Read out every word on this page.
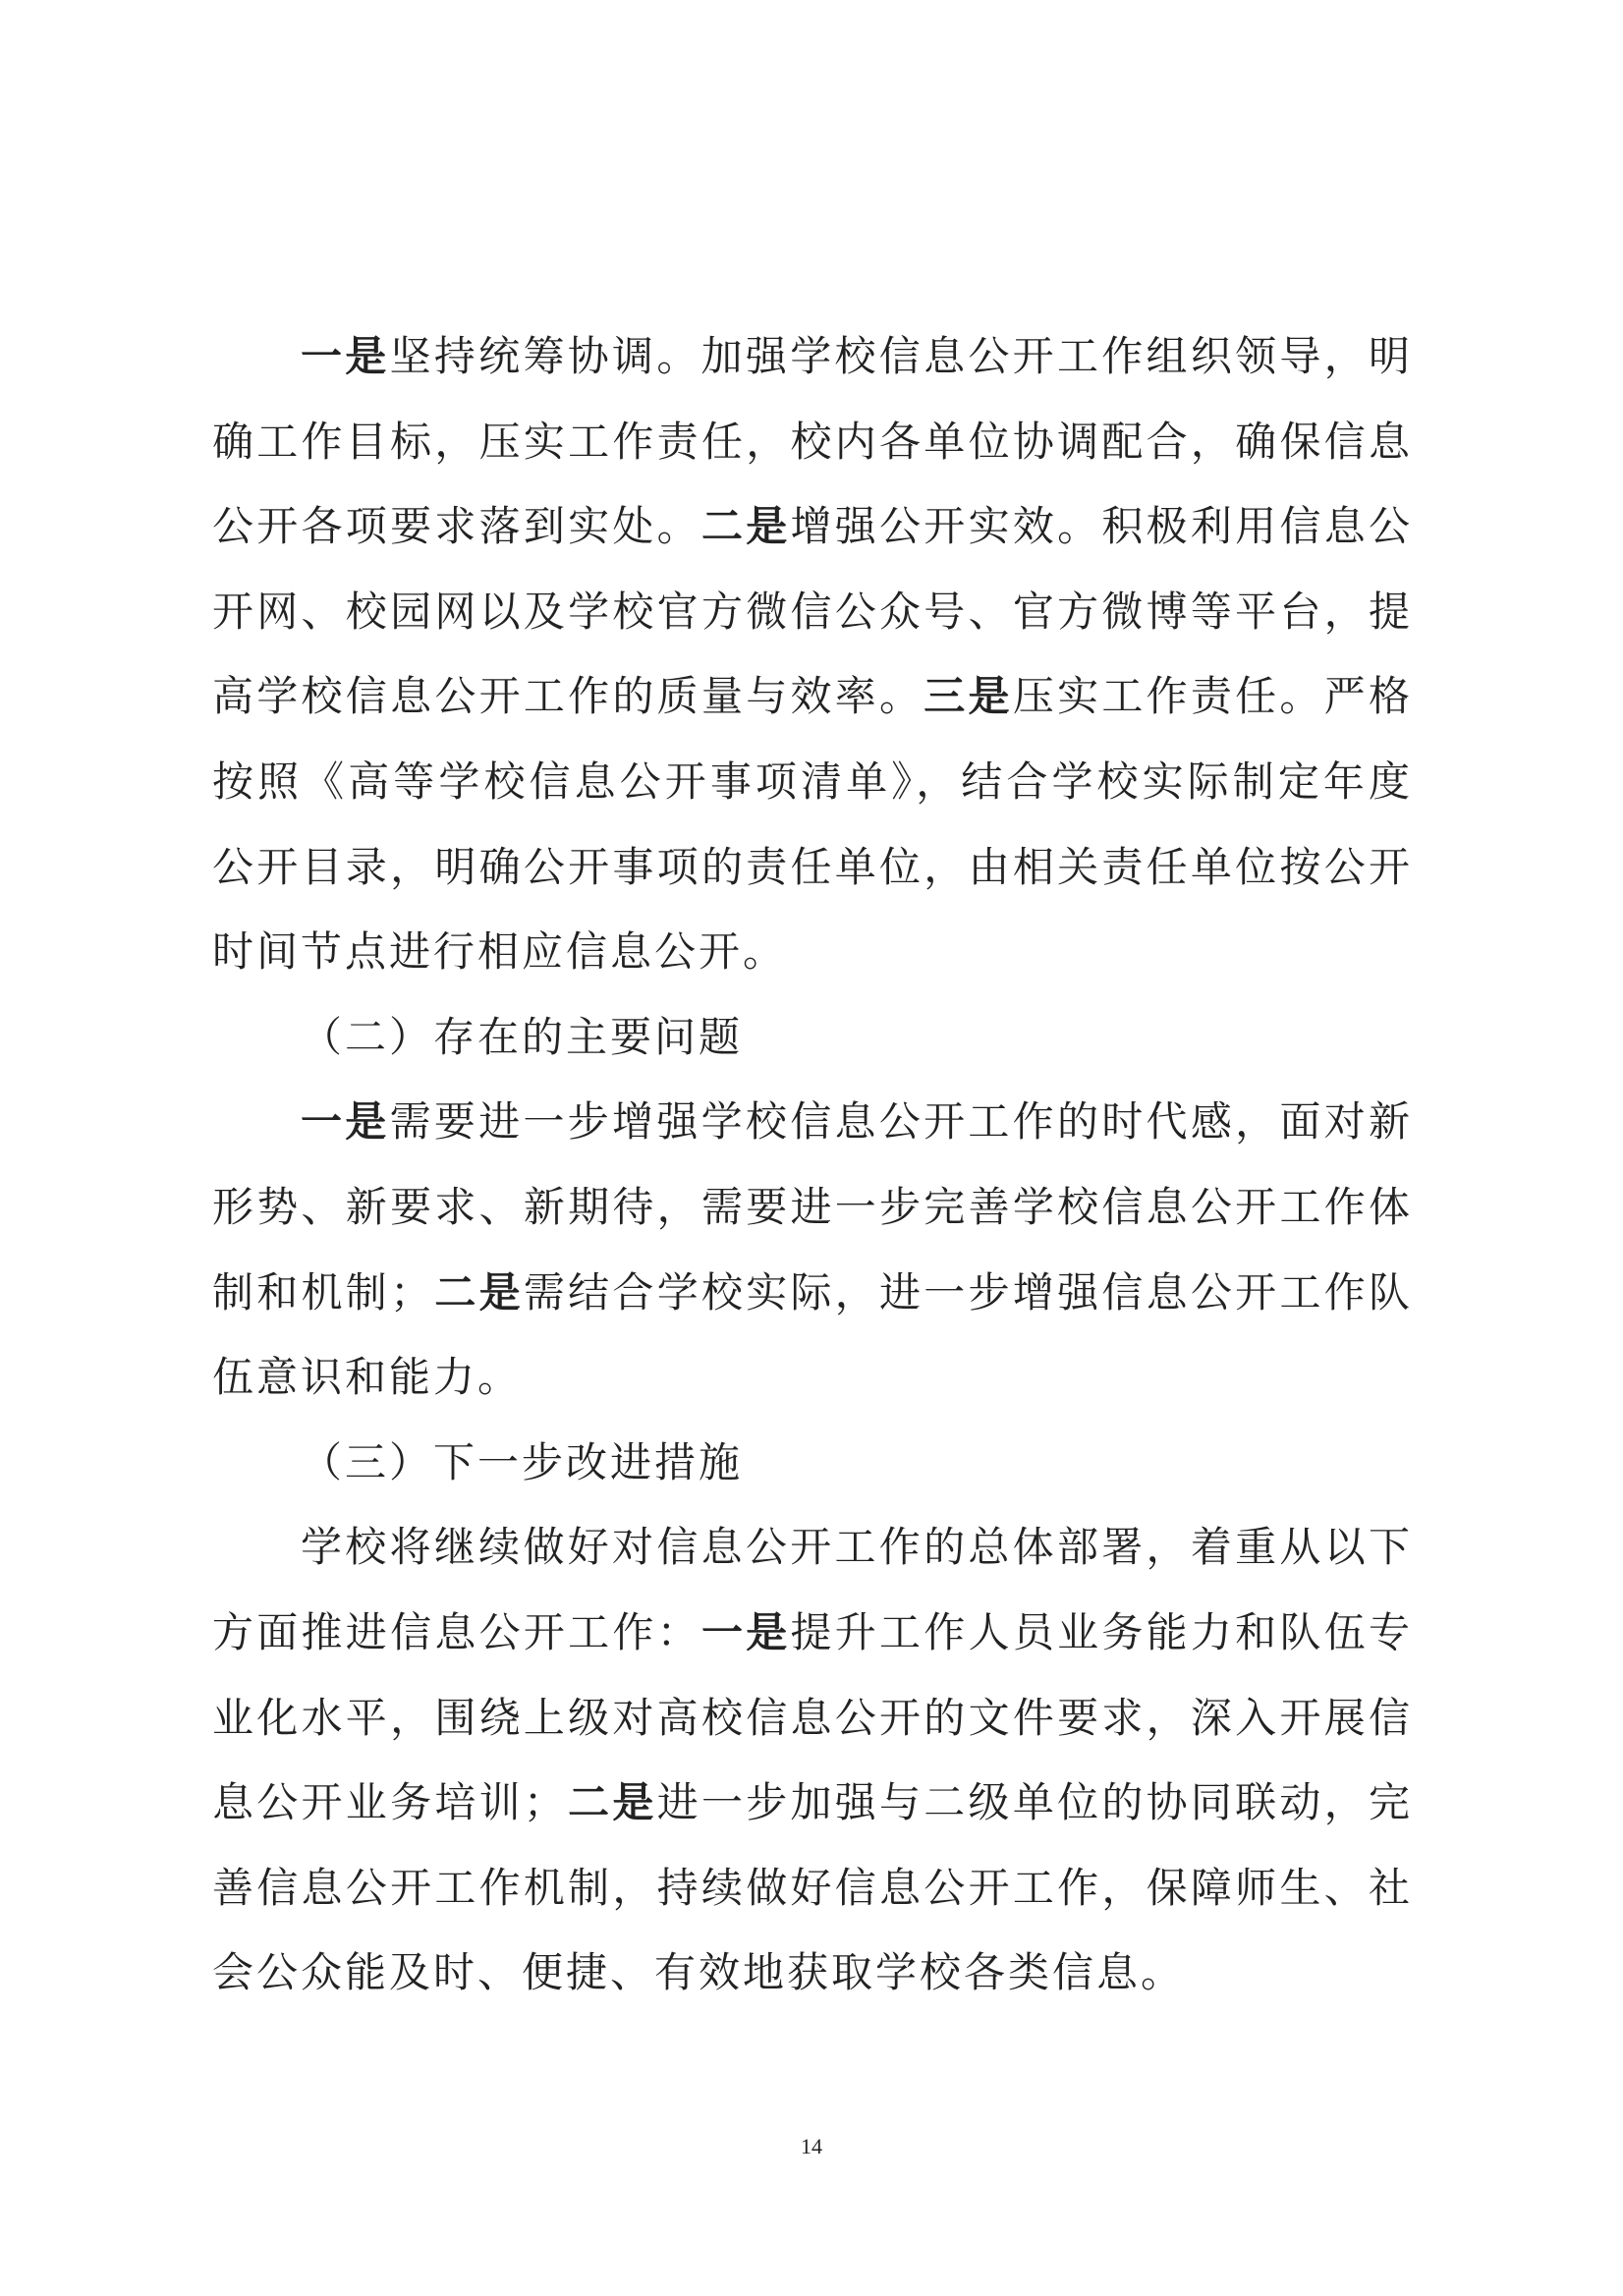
一是坚持统筹协调。加强学校信息公开工作组织领导，明确工作目标，压实工作责任，校内各单位协调配合，确保信息公开各项要求落到实处。二是增强公开实效。积极利用信息公开网、校园网以及学校官方微信公众号、官方微博等平台，提高学校信息公开工作的质量与效率。三是压实工作责任。严格按照《高等学校信息公开事项清单》，结合学校实际制定年度公开目录，明确公开事项的责任单位，由相关责任单位按公开时间节点进行相应信息公开。

（二）存在的主要问题

一是需要进一步增强学校信息公开工作的时代感，面对新形势、新要求、新期待，需要进一步完善学校信息公开工作体制和机制；二是需结合学校实际，进一步增强信息公开工作队伍意识和能力。

（三）下一步改进措施

学校将继续做好对信息公开工作的总体部署，着重从以下方面推进信息公开工作：一是提升工作人员业务能力和队伍专业化水平，围绕上级对高校信息公开的文件要求，深入开展信息公开业务培训；二是进一步加强与二级单位的协同联动，完善信息公开工作机制，持续做好信息公开工作，保障师生、社会公众能及时、便捷、有效地获取学校各类信息。

14
